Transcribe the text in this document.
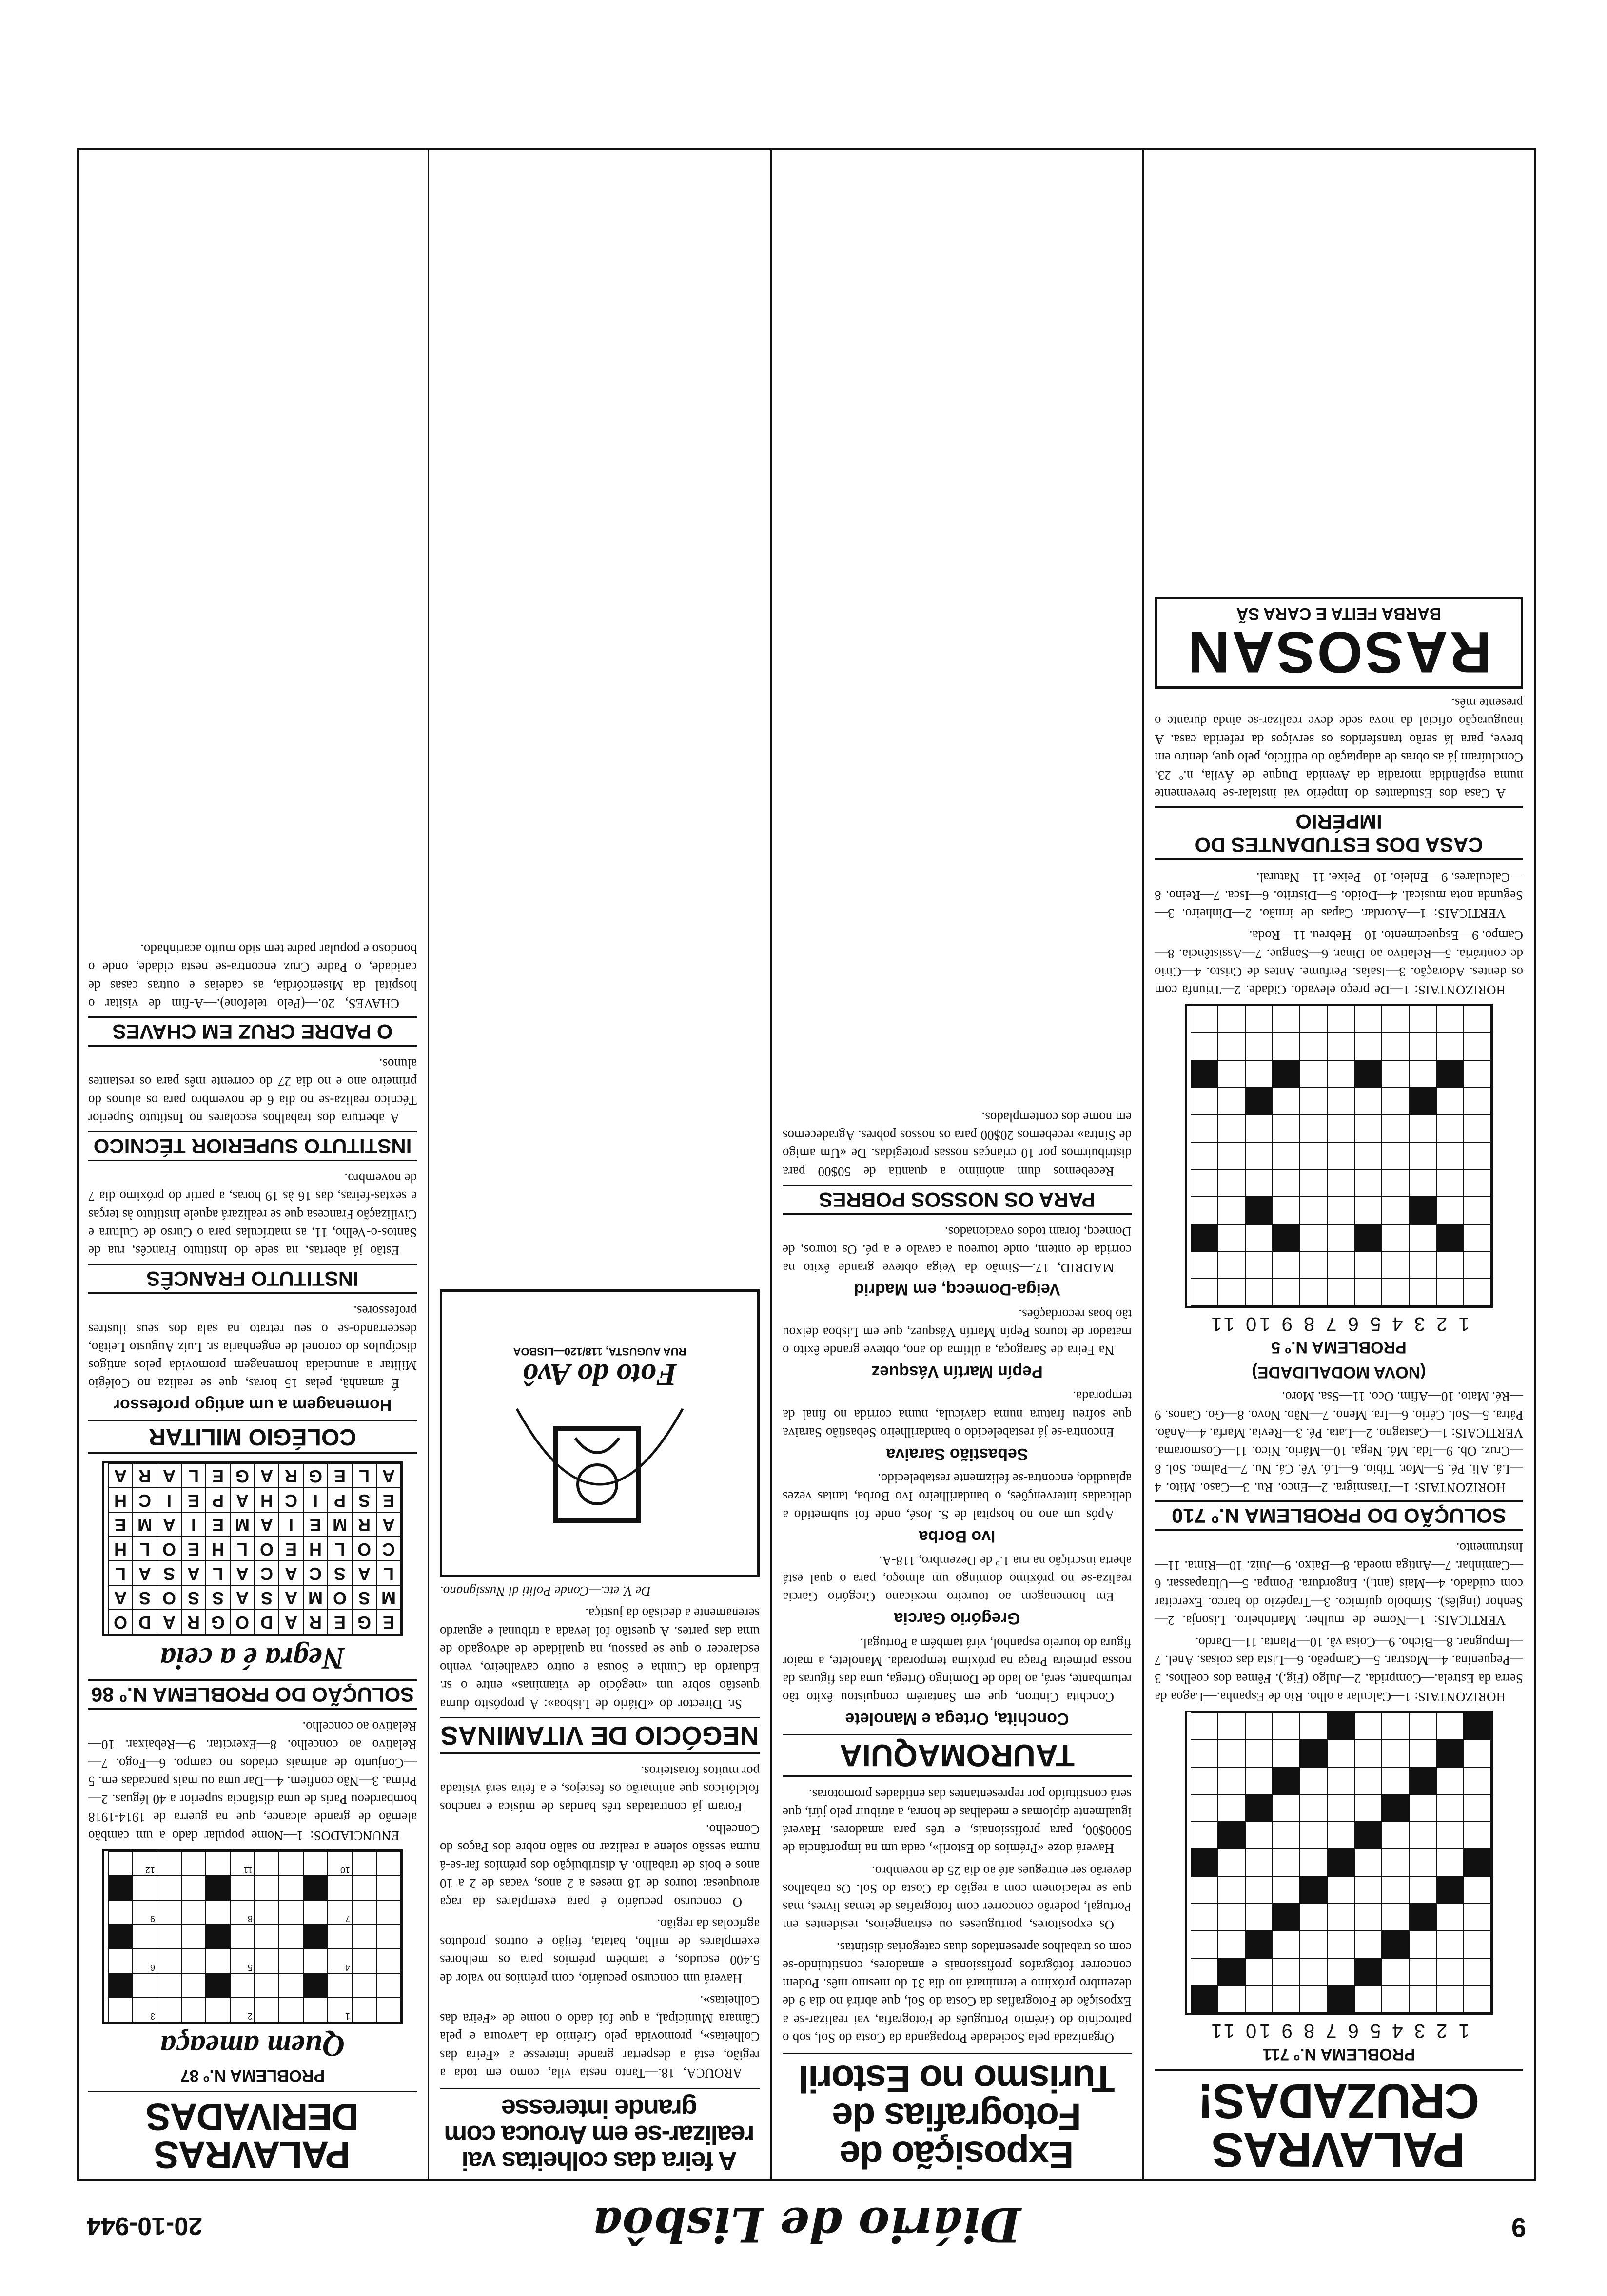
9
Diário de Lisbôa
20-10-944
PALAVRAS CRUZADAS!
PROBLEMA N.º 711
1 2 3 4 5 6 7 8 9 10 11

HORIZONTAIS: 1—Calcular a olho. Rio de Espanha.—Lagoa da Serra da Estrela.—Comprida. 2—Julgo (Fig.). Fêmea dos coelhos. 3—Pequenina. 4—Mostrar. 5—Campeão. 6—Lista das coisas. Anel. 7—Impugnar. 8—Bicho. 9—Coisa vã. 10—Planta. 11—Dardo.

VERTICAIS: 1—Nome de mulher. Marinheiro. Lisonja. 2—Senhor (inglês). Símbolo químico. 3—Trapézio do barco. Exercitar com cuidado. 4—Mais (ant.). Engordura. Pompa. 5—Ultrapassar. 6—Caminhar. 7—Antiga moeda. 8—Baixo. 9—Juiz. 10—Rima. 11—Instrumento.

SOLUÇÃO DO PROBLEMA N.º 710

HORIZONTAIS: 1—Trasmigra. 2—Enco. Ru. 3—Caso. Mito. 4—Lá. Ali. Pé. 5—Mor. Tíbio. 6—Ló. Vê. Cá. Nu. 7—Palmo. Sol. 8—Cruz. Ob. 9—Ida. Mó. Nega. 10—Mário. Nico. 11—Cosmorama. VERTICAIS: 1—Castagno. 2—Lata. Pé. 3—Revia. Marfa. 4—Anão. Pátra. 5—Sol. Cério. 6—Ira. Meno. 7—Não. Novo. 8—Go. Canos. 9—Ré. Mato. 10—Afim. Oco. 11—Ssa. Moro.

(NOVA MODALIDADE)
PROBLEMA N.º 5
1 2 3 4 5 6 7 8 9 10 11

HORIZONTAIS: 1—De preço elevado. Cidade. 2—Triunfa com os dentes. Adoração. 3—Isaías. Perfume. Antes de Cristo. 4—Cirio de contrária. 5—Relativo ao Dinar. 6—Sangue. 7—Assistência. 8—Campo. 9—Esquecimento. 10—Hebreu. 11—Roda.

VERTICAIS: 1—Acordar. Capas de irmão. 2—Dinheiro. 3—Segunda nota musical. 4—Doido. 5—Distrito. 6—Isca. 7—Reino. 8—Calculares. 9—Enleio. 10—Peixe. 11—Natural.

CASA DOS ESTUDANTES DO IMPÉRIO

A Casa dos Estudantes do Império vai instalar-se brevemente numa esplêndida moradia da Avenida Duque de Ávila, n.º 23. Concluíram já as obras de adaptação do edifício, pelo que, dentro em breve, para lá serão transferidos os serviços da referida casa. A inauguração oficial da nova sede deve realizar-se ainda durante o presente mês.

RASOSAN
BARBA FEITA E CARA SÃ
Exposição de Fotografias de Turismo no Estoril

Organizada pela Sociedade Propaganda da Costa do Sol, sob o patrocínio do Grémio Português de Fotografia, vai realizar-se a Exposição de Fotografias da Costa do Sol, que abrirá no dia 9 de dezembro próximo e terminará no dia 31 do mesmo mês. Podem concorrer fotógrafos profissionais e amadores, constituindo-se com os trabalhos apresentados duas categorias distintas.

Os expositores, portugueses ou estrangeiros, residentes em Portugal, poderão concorrer com fotografias de temas livres, mas que se relacionem com a região da Costa do Sol. Os trabalhos deverão ser entregues até ao dia 25 de novembro.

Haverá doze «Prémios do Estoril», cada um na importância de 5000$00, para profissionais, e três para amadores. Haverá igualmente diplomas e medalhas de honra, a atribuir pelo júri, que será constituído por representantes das entidades promotoras.

TAUROMAQUIA
Conchita, Ortega e Manolete

Conchita Cintron, que em Santarém conquistou êxito tão retumbante, será, ao lado de Domingo Ortega, uma das figuras da nossa primeira Praça na próxima temporada. Manolete, a maior figura do toureio espanhol, virá também a Portugal.

Gregório Garcia

Em homenagem ao toureiro mexicano Gregório Garcia realiza-se no próximo domingo um almoço, para o qual está aberta inscrição na rua 1.º de Dezembro, 118-A.

Ivo Borba

Após um ano no hospital de S. José, onde foi submetido a delicadas intervenções, o bandarilheiro Ivo Borba, tantas vezes aplaudido, encontra-se felizmente restabelecido.

Sebastião Saraiva

Encontra-se já restabelecido o bandarilheiro Sebastião Saraiva que sofreu fratura numa clavícula, numa corrida no final da temporada.

Pepín Martín Vásquez

Na Feira de Saragoça, a última do ano, obteve grande êxito o matador de touros Pepín Martín Vásquez, que em Lisboa deixou tão boas recordações.

Veiga-Domecq, em Madrid

MADRID, 17.—Simão da Veiga obteve grande êxito na corrida de ontem, onde toureou a cavalo e a pé. Os touros, de Domecq, foram todos ovacionados.

PARA OS NOSSOS POBRES

Recebemos dum anónimo a quantia de 50$00 para distribuirmos por 10 crianças nossas protegidas. De «Um amigo de Sintra» recebemos 20$00 para os nossos pobres. Agradecemos em nome dos contemplados.

A feira das colheitas vai realizar-se em Arouca com grande interesse

AROUCA, 18.—Tanto nesta vila, como em toda a região, está a despertar grande interesse a «Feira das Colheitas», promovida pelo Grémio da Lavoura e pela Câmara Municipal, a que foi dado o nome de «Feira das Colheitas».

Haverá um concurso pecuário, com prémios no valor de 5.400 escudos, e também prémios para os melhores exemplares de milho, batata, feijão e outros produtos agrícolas da região.

O concurso pecuário é para exemplares da raça arouquesa: touros de 18 meses a 2 anos, vacas de 2 a 10 anos e bois de trabalho. A distribuição dos prémios far-se-á numa sessão solene a realizar no salão nobre dos Paços do Concelho.

Foram já contratadas três bandas de música e ranchos folclóricos que animarão os festejos, e a feira será visitada por muitos forasteiros.

NEGÓCIO DE VITAMINAS

Sr. Director do «Diário de Lisboa»: A propósito duma questão sobre um «negócio de vitaminas» entre o sr. Eduardo da Cunha e Sousa e outro cavalheiro, venho esclarecer o que se passou, na qualidade de advogado de uma das partes. A questão foi levada a tribunal e aguardo serenamente a decisão da justiça.

De V. etc.—Conde Politi di Nussignano.

Foto do Avô
RUA AUGUSTA, 118/120—LISBOA
PALAVRAS DERIVADAS
PROBLEMA N.º 87
Quem ameaça
1
2
3
4
5
6
7
8
9
10
11
12

ENUNCIADOS: 1—Nome popular dado a um cambão alemão de grande alcance, que na guerra de 1914-1918 bombardeou Paris de uma distância superior a 40 léguas. 2—Prima. 3—Não confiem. 4—Dar uma ou mais pancadas em. 5—Conjunto de animais criados no campo. 6—Fogo. 7—Relativo ao concelho. 8—Exercitar. 9—Rebaixar. 10—Relativo ao concelho.

SOLUÇÃO DO PROBLEMA N.º 86
Negra é a ceia
E
G
E
R
A
D
O
G
R
A
D
O
M
S
O
M
A
S
A
S
S
O
S
A
L
A
S
C
A
C
A
L
A
S
A
L
C
O
L
H
E
O
L
H
E
O
L
H
A
R
M
E
I
A
M
E
I
A
M
E
E
S
P
I
C
H
A
P
E
I
C
H
A
L
E
G
R
A
G
E
L
A
R
A
COLÉGIO MILITAR
Homenagem a um antigo professor

É amanhã, pelas 15 horas, que se realiza no Colégio Militar a anunciada homenagem promovida pelos antigos discípulos do coronel de engenharia sr. Luiz Augusto Leitão, descerrando-se o seu retrato na sala dos seus ilustres professores.

INSTITUTO FRANCÊS

Estão já abertas, na sede do Instituto Francês, rua de Santos-o-Velho, 11, as matrículas para o Curso de Cultura e Civilização Francesa que se realizará aquele Instituto às terças e sextas-feiras, das 16 às 19 horas, a partir do próximo dia 7 de novembro.

INSTITUTO SUPERIOR TÉCNICO

A abertura dos trabalhos escolares no Instituto Superior Técnico realiza-se no dia 6 de novembro para os alunos do primeiro ano e no dia 27 do corrente mês para os restantes alunos.

O PADRE CRUZ EM CHAVES

CHAVES, 20.—(Pelo telefone).—A-fim de visitar o hospital da Misericórdia, as cadeias e outras casas de caridade, o Padre Cruz encontra-se nesta cidade, onde o bondoso e popular padre tem sido muito acarinhado.
